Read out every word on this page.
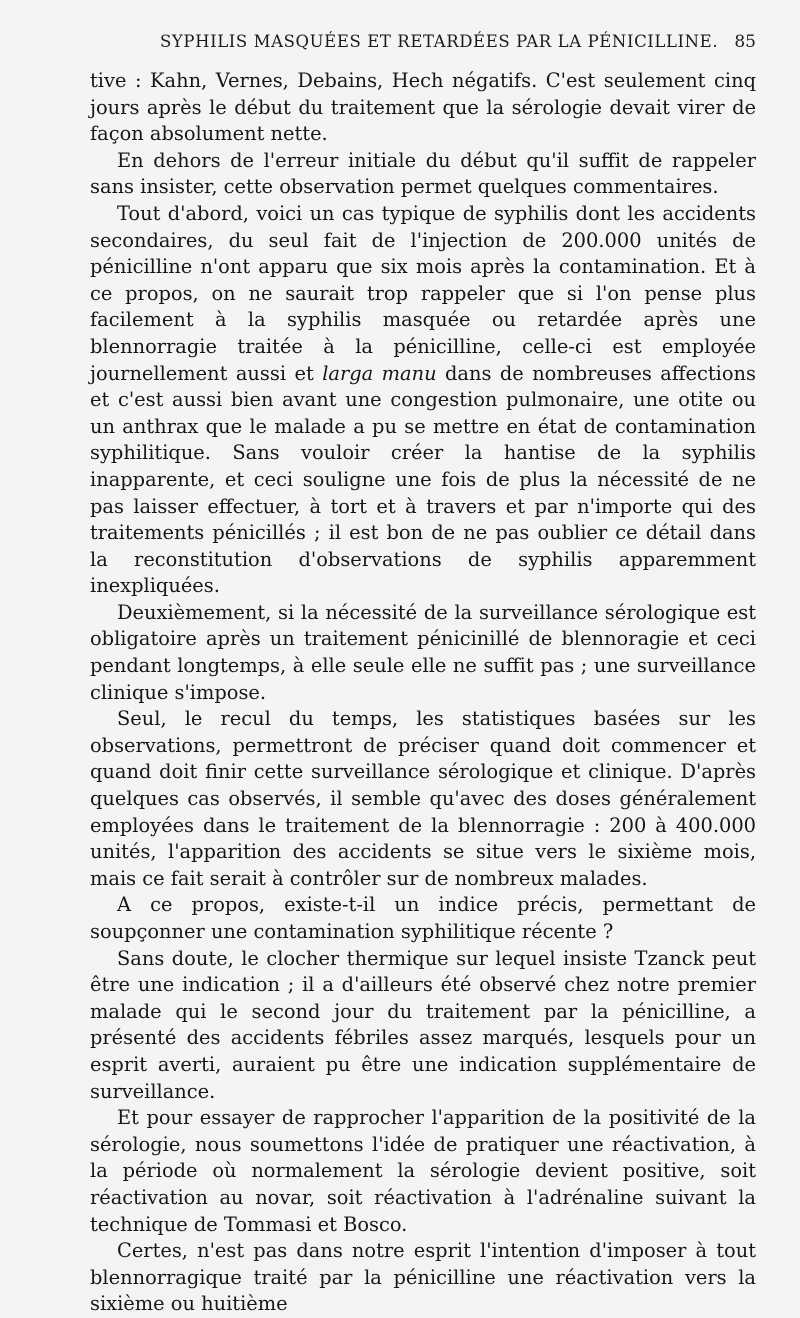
SYPHILIS MASQUÉES ET RETARDÉES PAR LA PÉNICILLINE. 85

tive : Kahn, Vernes, Debains, Hech négatifs. C'est seulement cinq jours après le début du traitement que la sérologie devait virer de façon absolument nette.

En dehors de l'erreur initiale du début qu'il suffit de rappeler sans insister, cette observation permet quelques commentaires.

Tout d'abord, voici un cas typique de syphilis dont les accidents secondaires, du seul fait de l'injection de 200.000 unités de pénicilline n'ont apparu que six mois après la contamination. Et à ce propos, on ne saurait trop rappeler que si l'on pense plus facilement à la syphilis masquée ou retardée après une blennorragie traitée à la pénicilline, celle-ci est employée journellement aussi et larga manu dans de nombreuses affections et c'est aussi bien avant une congestion pulmonaire, une otite ou un anthrax que le malade a pu se mettre en état de contamination syphilitique. Sans vouloir créer la hantise de la syphilis inapparente, et ceci souligne une fois de plus la nécessité de ne pas laisser effectuer, à tort et à travers et par n'importe qui des traitements pénicillés ; il est bon de ne pas oublier ce détail dans la reconstitution d'observations de syphilis apparemment inexpliquées.

Deuxièmement, si la nécessité de la surveillance sérologique est obligatoire après un traitement pénicinillé de blennoragie et ceci pendant longtemps, à elle seule elle ne suffit pas ; une surveillance clinique s'impose.

Seul, le recul du temps, les statistiques basées sur les observations, permettront de préciser quand doit commencer et quand doit finir cette surveillance sérologique et clinique. D'après quelques cas observés, il semble qu'avec des doses généralement employées dans le traitement de la blennorragie : 200 à 400.000 unités, l'apparition des accidents se situe vers le sixième mois, mais ce fait serait à contrôler sur de nombreux malades.

A ce propos, existe-t-il un indice précis, permettant de soupçonner une contamination syphilitique récente ?

Sans doute, le clocher thermique sur lequel insiste Tzanck peut être une indication ; il a d'ailleurs été observé chez notre premier malade qui le second jour du traitement par la pénicilline, a présenté des accidents fébriles assez marqués, lesquels pour un esprit averti, auraient pu être une indication supplémentaire de surveillance.

Et pour essayer de rapprocher l'apparition de la positivité de la sérologie, nous soumettons l'idée de pratiquer une réactivation, à la période où normalement la sérologie devient positive, soit réactivation au novar, soit réactivation à l'adrénaline suivant la technique de Tommasi et Bosco.

Certes, n'est pas dans notre esprit l'intention d'imposer à tout blennorragique traité par la pénicilline une réactivation vers la sixième ou huitième
